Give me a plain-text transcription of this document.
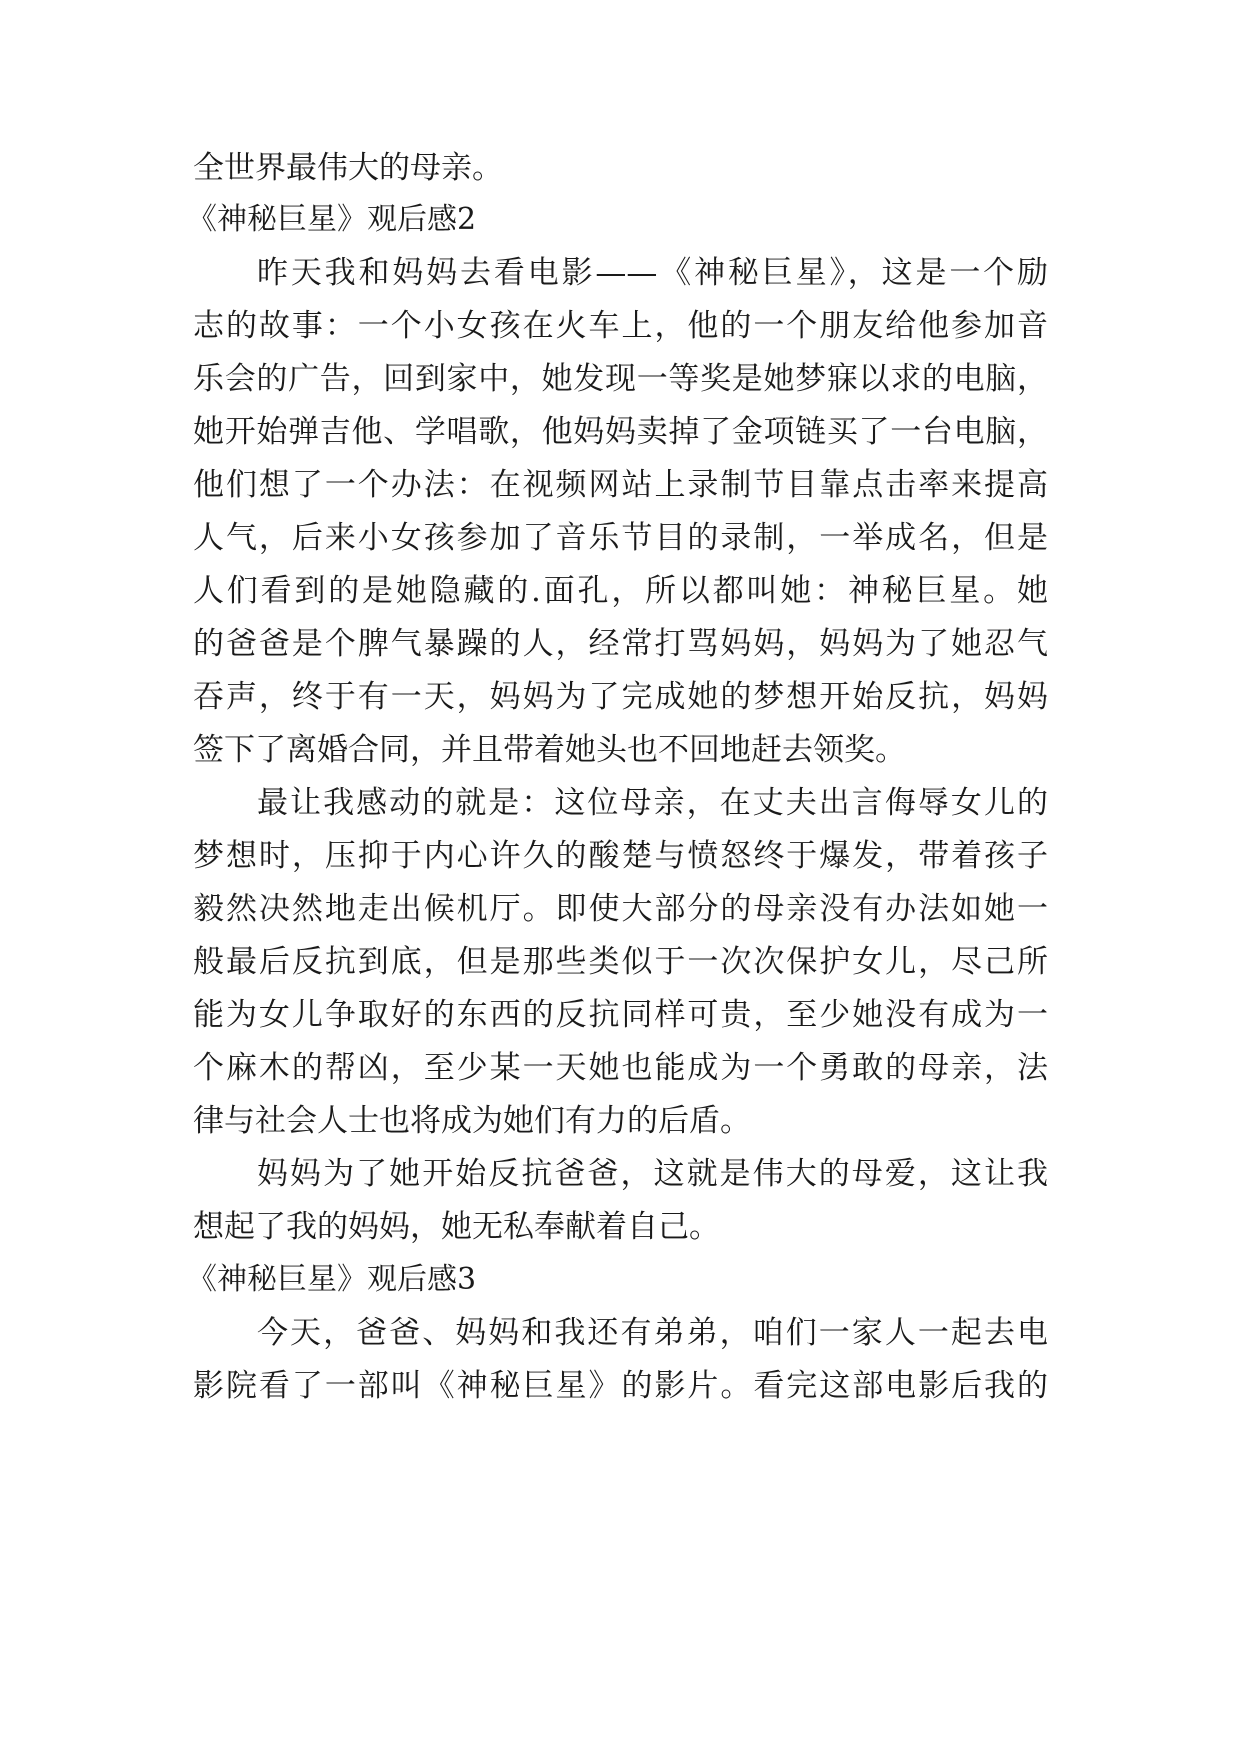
全世界最伟大的母亲。
《神秘巨星》观后感2
昨天我和妈妈去看电影——《神秘巨星》，这是一个励
志的故事：一个小女孩在火车上，他的一个朋友给他参加音
乐会的广告，回到家中，她发现一等奖是她梦寐以求的电脑，
她开始弹吉他、学唱歌，他妈妈卖掉了金项链买了一台电脑，
他们想了一个办法：在视频网站上录制节目靠点击率来提高
人气，后来小女孩参加了音乐节目的录制，一举成名，但是
人们看到的是她隐藏的.面孔，所以都叫她：神秘巨星。她
的爸爸是个脾气暴躁的人，经常打骂妈妈，妈妈为了她忍气
吞声，终于有一天，妈妈为了完成她的梦想开始反抗，妈妈
签下了离婚合同，并且带着她头也不回地赶去领奖。
最让我感动的就是：这位母亲，在丈夫出言侮辱女儿的
梦想时，压抑于内心许久的酸楚与愤怒终于爆发，带着孩子
毅然决然地走出候机厅。即使大部分的母亲没有办法如她一
般最后反抗到底，但是那些类似于一次次保护女儿，尽己所
能为女儿争取好的东西的反抗同样可贵，至少她没有成为一
个麻木的帮凶，至少某一天她也能成为一个勇敢的母亲，法
律与社会人士也将成为她们有力的后盾。
妈妈为了她开始反抗爸爸，这就是伟大的母爱，这让我
想起了我的妈妈，她无私奉献着自己。
《神秘巨星》观后感3
今天，爸爸、妈妈和我还有弟弟，咱们一家人一起去电
影院看了一部叫《神秘巨星》的影片。看完这部电影后我的
